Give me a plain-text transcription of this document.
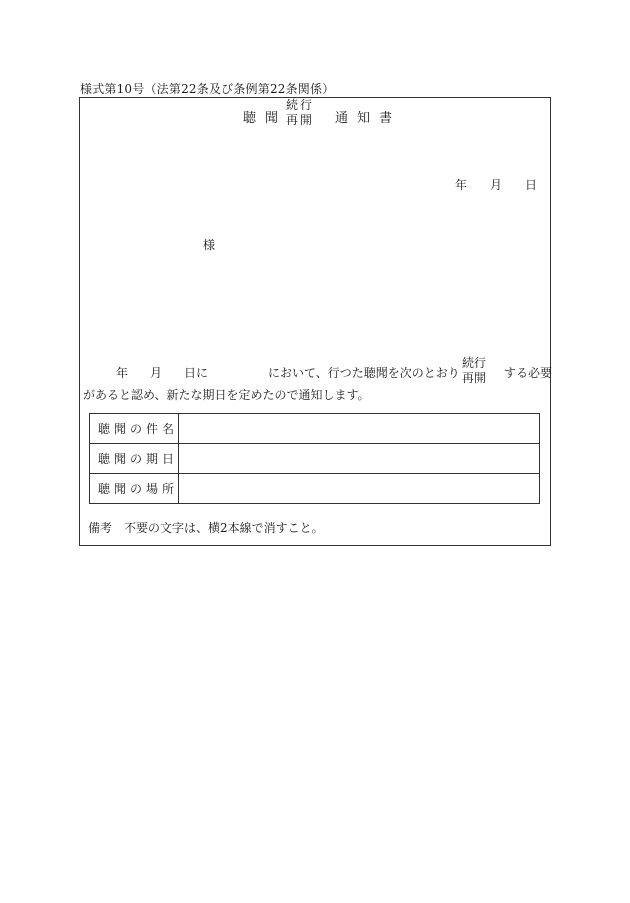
様式第10号（法第22条及び条例第22条関係）
聴聞
続行
再開 通知書
年 月 日
様
年 月 日に	において、行つた聴聞を次のとおり
続行
再開 する必要
があると認め、新たな期日を定めたので通知します。
聴聞の件名	
聴聞の期日	
聴聞の場所	
備考　不要の文字は、横2本線で消すこと。
